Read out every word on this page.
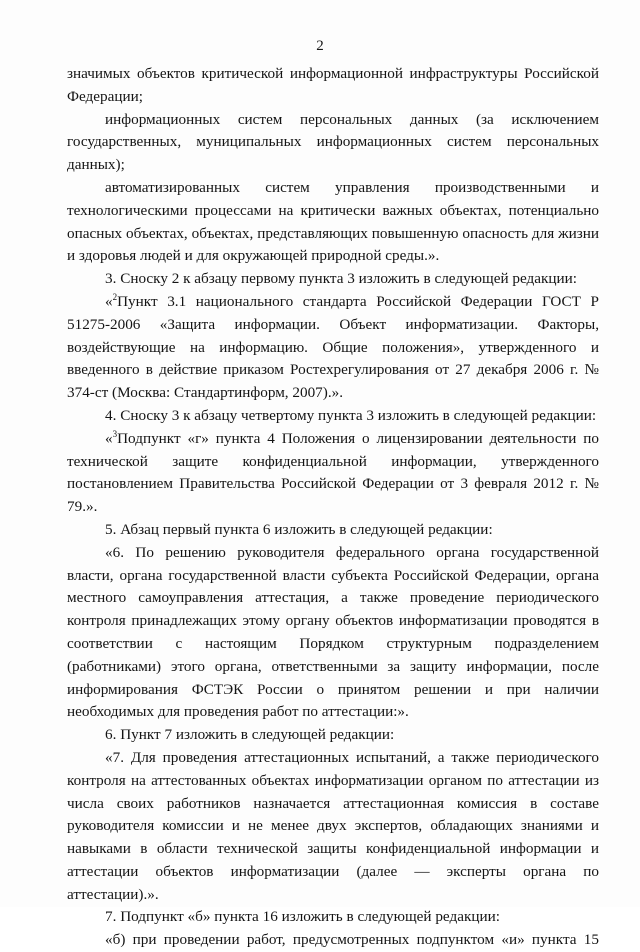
2

значимых объектов критической информационной инфраструктуры Российской Федерации;

информационных систем персональных данных (за исключением государственных, муниципальных информационных систем персональных данных);

автоматизированных систем управления производственными и технологическими процессами на критически важных объектах, потенциально опасных объектах, объектах, представляющих повышенную опасность для жизни и здоровья людей и для окружающей природной среды.».

3. Сноску 2 к абзацу первому пункта 3 изложить в следующей редакции:

«$^2$Пункт 3.1 национального стандарта Российской Федерации ГОСТ Р 51275-2006 «Защита информации. Объект информатизации. Факторы, воздействующие на информацию. Общие положения», утвержденного и введенного в действие приказом Ростехрегулирования от 27 декабря 2006 г. № 374-ст (Москва: Стандартинформ, 2007).».

4. Сноску 3 к абзацу четвертому пункта 3 изложить в следующей редакции:

«$^3$Подпункт «г» пункта 4 Положения о лицензировании деятельности по технической защите конфиденциальной информации, утвержденного постановлением Правительства Российской Федерации от 3 февраля 2012 г. № 79.».

5. Абзац первый пункта 6 изложить в следующей редакции:

«6. По решению руководителя федерального органа государственной власти, органа государственной власти субъекта Российской Федерации, органа местного самоуправления аттестация, а также проведение периодического контроля принадлежащих этому органу объектов информатизации проводятся в соответствии с настоящим Порядком структурным подразделением (работниками) этого органа, ответственными за защиту информации, после информирования ФСТЭК России о принятом решении и при наличии необходимых для проведения работ по аттестации:».

6. Пункт 7 изложить в следующей редакции:

«7. Для проведения аттестационных испытаний, а также периодического контроля на аттестованных объектах информатизации органом по аттестации из числа своих работников назначается аттестационная комиссия в составе руководителя комиссии и не менее двух экспертов, обладающих знаниями и навыками в области технической защиты конфиденциальной информации и аттестации объектов информатизации (далее — эксперты органа по аттестации).».

7. Подпункт «б» пункта 16 изложить в следующей редакции:

«б) при проведении работ, предусмотренных подпунктом «и» пункта 15
